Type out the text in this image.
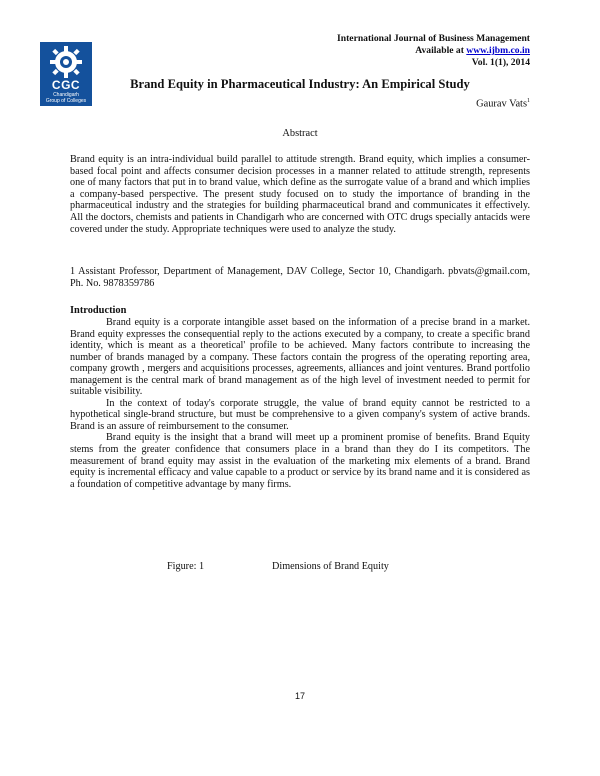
International Journal of Business Management
Available at www.ijbm.co.in
Vol. 1(1), 2014
CGC
Chandigarh
Group of Colleges
Brand Equity in Pharmaceutical Industry: An Empirical Study
Gaurav Vats$^1$
Abstract

Brand equity is an intra-individual build parallel to attitude strength. Brand equity, which implies a consumer-based focal point and affects consumer decision processes in a manner related to attitude strength, represents one of many factors that put in to brand value, which define as the surrogate value of a brand and which implies a company-based perspective. The present study focused on to study the importance of branding in the pharmaceutical industry and the strategies for building pharmaceutical brand and communicates it effectively. All the doctors, chemists and patients in Chandigarh who are concerned with OTC drugs specially antacids were covered under the study. Appropriate techniques were used to analyze the study.

1 Assistant Professor, Department of Management, DAV College, Sector 10, Chandigarh. pbvats@gmail.com, Ph. No. 9878359786

Introduction

Brand equity is a corporate intangible asset based on the information of a precise brand in a market. Brand equity expresses the consequential reply to the actions executed by a company, to create a specific brand identity, which is meant as a theoretical' profile to be achieved. Many factors contribute to increasing the number of brands managed by a company. These factors contain the progress of the operating reporting area, company growth , mergers and acquisitions processes, agreements, alliances and joint ventures. Brand portfolio management is the central mark of brand management as of the high level of investment needed to permit for suitable visibility.

In the context of today's corporate struggle, the value of brand equity cannot be restricted to a hypothetical single-brand structure, but must be comprehensive to a given company's system of active brands. Brand is an assure of reimbursement to the consumer.

Brand equity is the insight that a brand will meet up a prominent promise of benefits. Brand Equity stems from the greater confidence that consumers place in a brand than they do I its competitors. The measurement of brand equity may assist in the evaluation of the marketing mix elements of a brand. Brand equity is incremental efficacy and value capable to a product or service by its brand name and it is considered as a foundation of competitive advantage by many firms.

Figure: 1	Dimensions of Brand Equity
17
